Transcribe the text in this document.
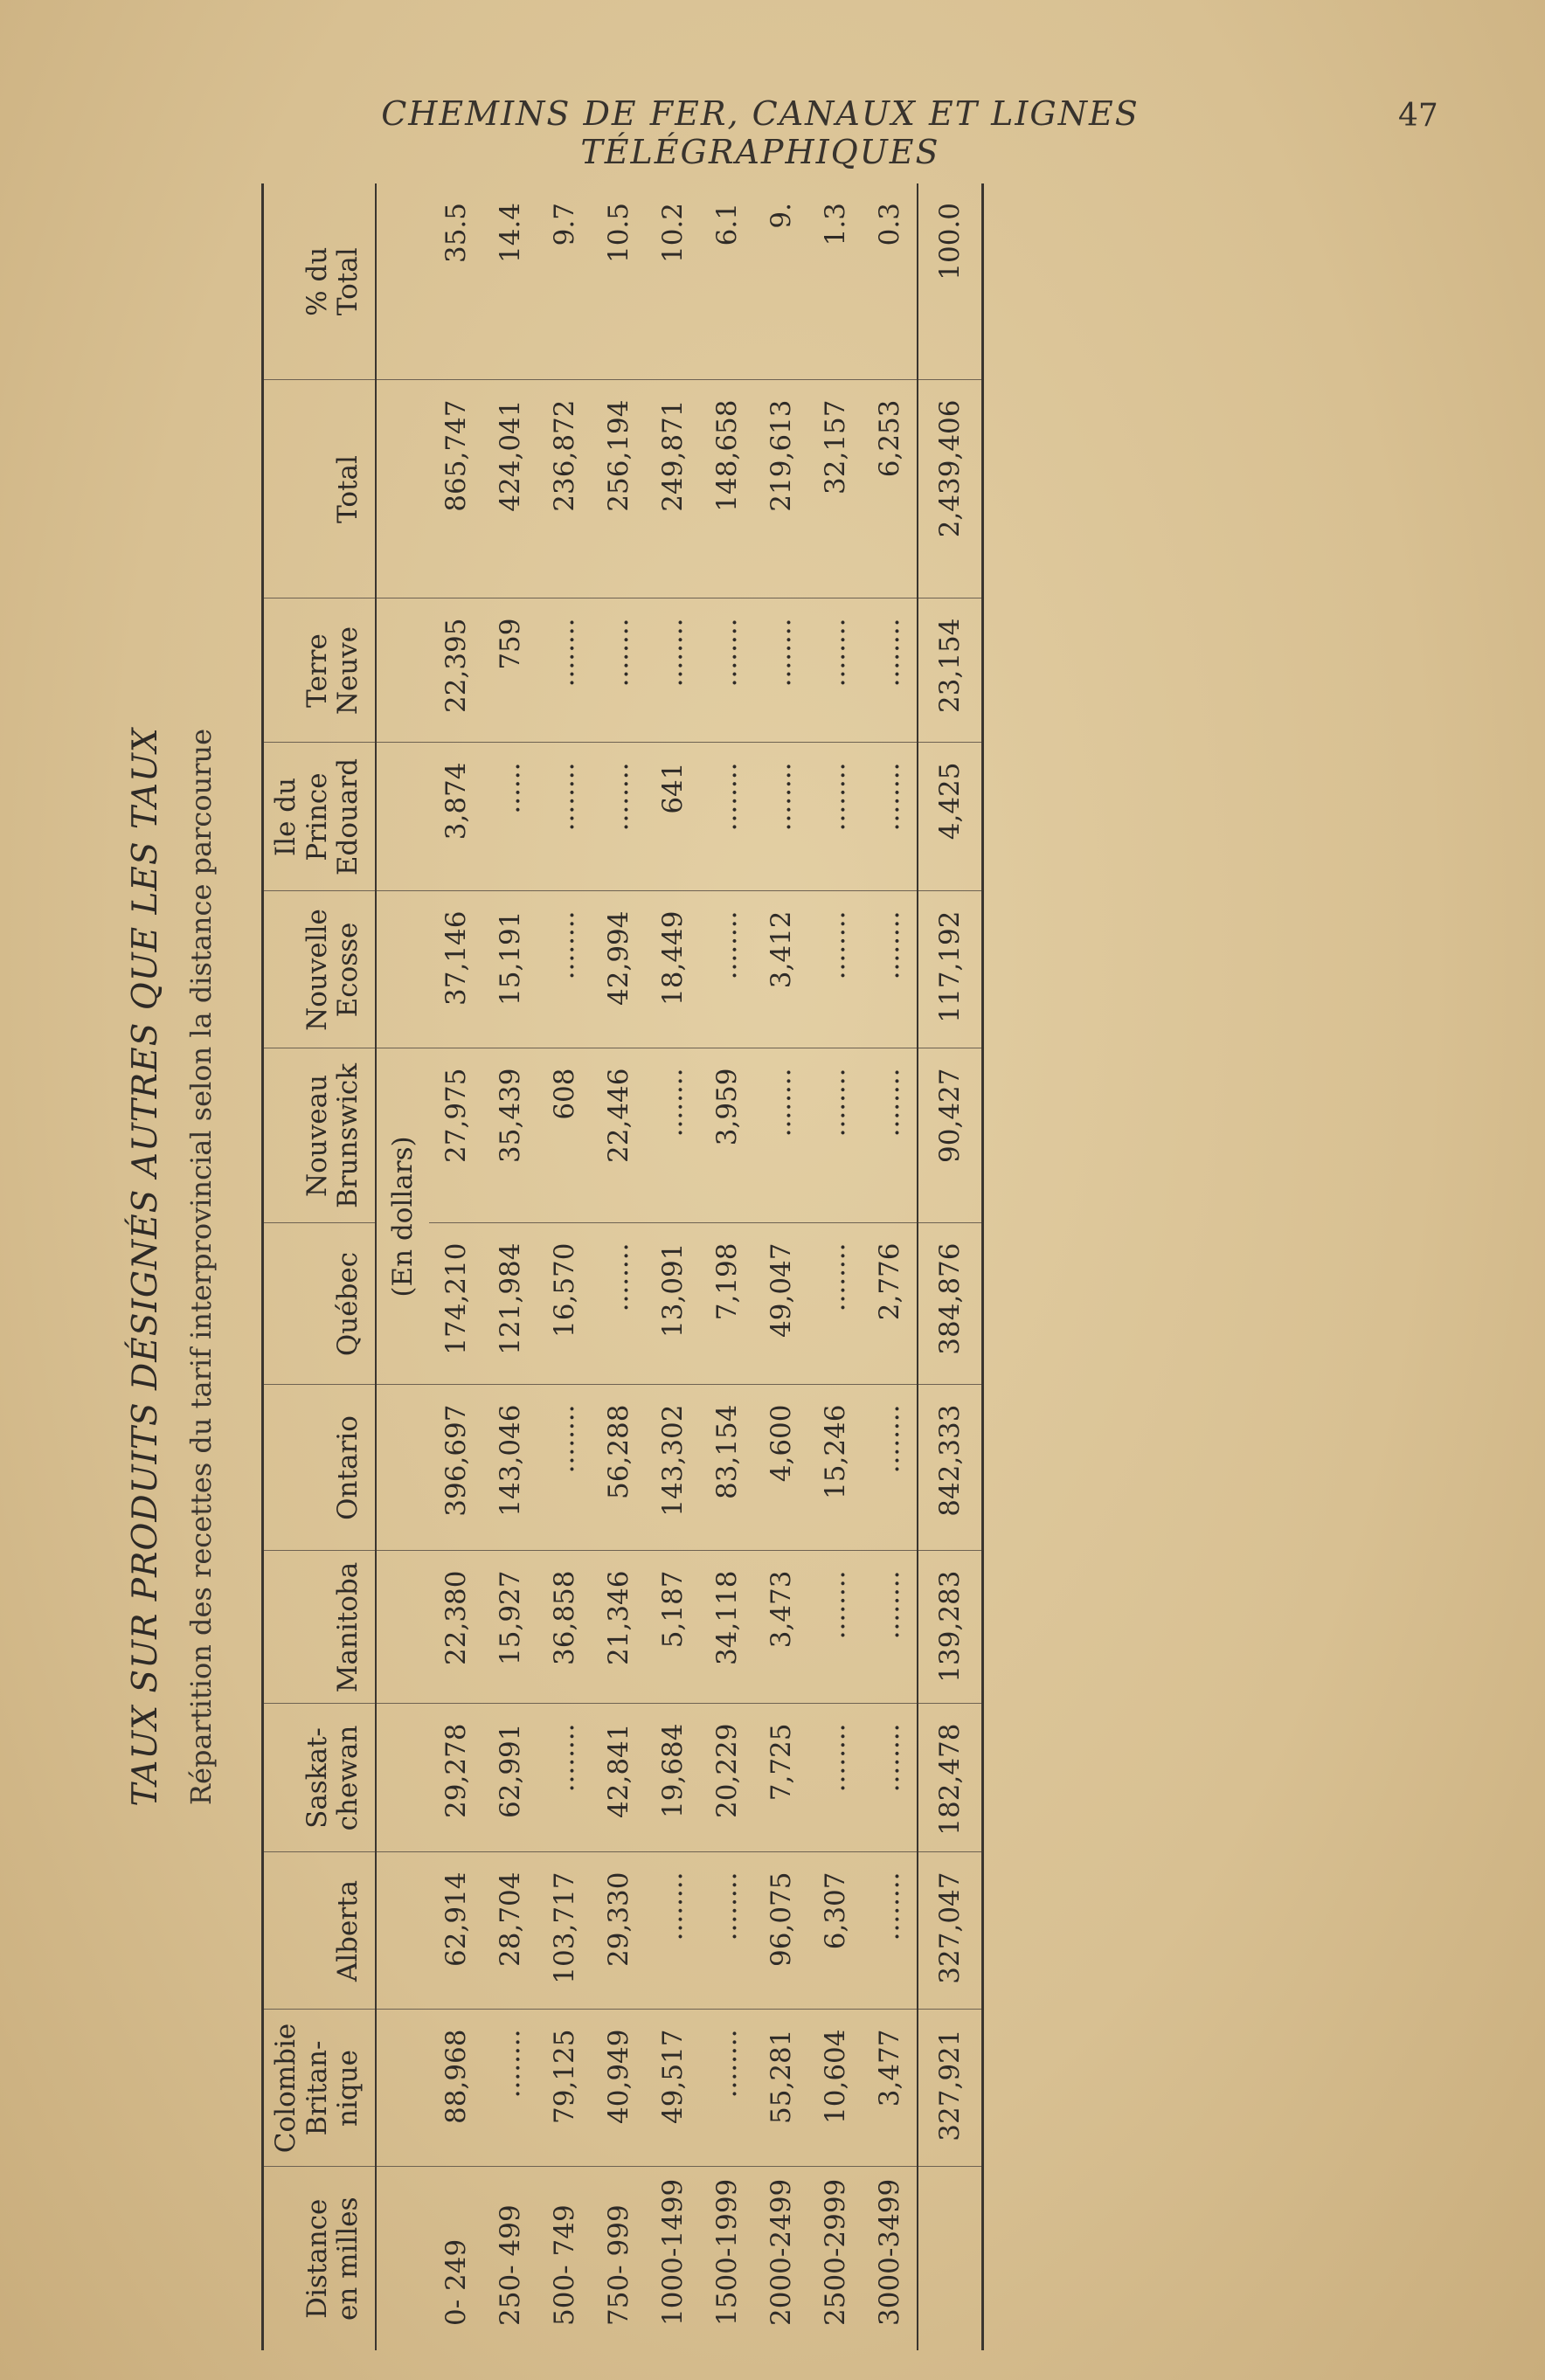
CHEMINS DE FER, CANAUX ET LIGNES TÉLÉGRAPHIQUES
47
TAUX SUR PRODUITS DÉSIGNÉS AUTRES QUE LES TAUX Répartition des recettes du tarif interprovincial selon la distance parcourue
Distance
en milles	Colombie
Britan-
nique	Alberta	Saskat-
chewan	Manitoba	Ontario	Québec	Nouveau
Brunswick	Nouvelle
Ecosse	Ile du
Prince
Edouard	Terre
Neuve	Total	% du
Total
						(En dollars)						
0- 249	88,968	62,914	29,278	22,380	396,697	174,210	27,975	37,146	3,874	22,395	865,747	35.5
250- 499	........	28,704	62,991	15,927	143,046	121,984	35,439	15,191	......	759	424,041	14.4
500- 749	79,125	103,717	........	36,858	........	16,570	608	........	........	........	236,872	9.7
750- 999	40,949	29,330	42,841	21,346	56,288	........	22,446	42,994	........	........	256,194	10.5
1000-1499	49,517	........	19,684	5,187	143,302	13,091	........	18,449	641	........	249,871	10.2
1500-1999	........	........	20,229	34,118	83,154	7,198	3,959	........	........	........	148,658	6.1
2000-2499	55,281	96,075	7,725	3,473	4,600	49,047	........	3,412	........	........	219,613	9.
2500-2999	10,604	6,307	........	........	15,246	........	........	........	........	........	32,157	1.3
3000-3499	3,477	........	........	........	........	2,776	........	........	........	........	6,253	0.3
	327,921	327,047	182,478	139,283	842,333	384,876	90,427	117,192	4,425	23,154	2,439,406	100.0
